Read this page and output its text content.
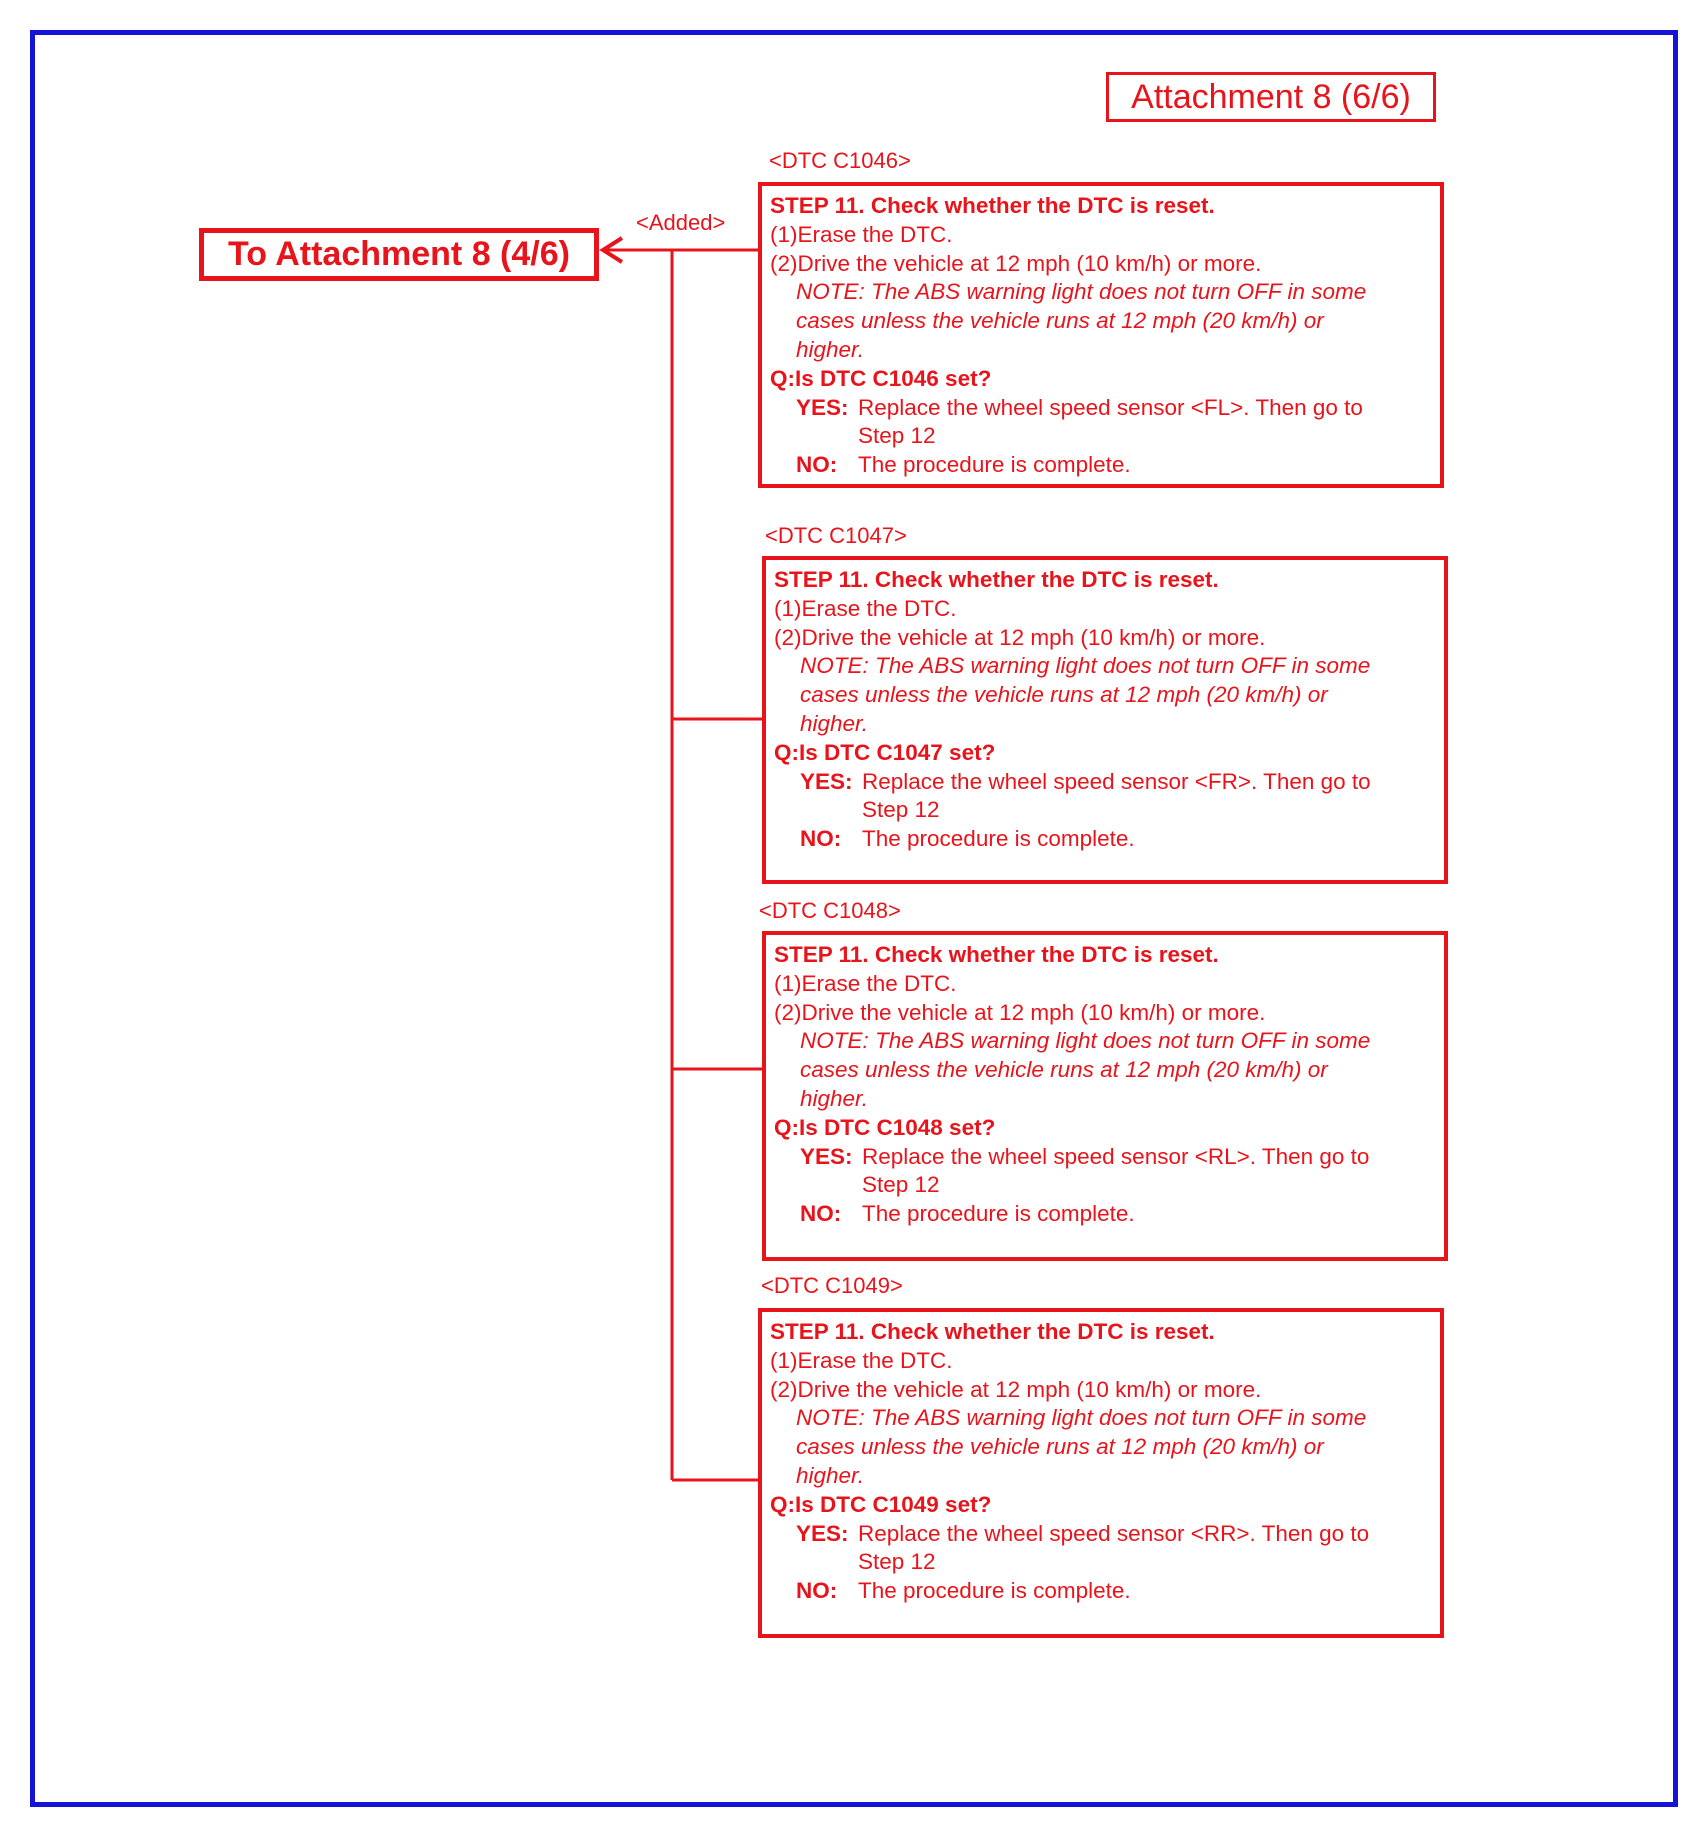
Attachment 8 (6/6)
To Attachment 8 (4/6)
<Added>
<DTC C1046>
STEP 11. Check whether the DTC is reset.
(1)Erase the DTC.
(2)Drive the vehicle at 12 mph (10 km/h) or more.
NOTE: The ABS warning light does not turn OFF in some
cases unless the vehicle runs at 12 mph (20 km/h) or
higher.
Q:Is DTC C1046 set?
YES: Replace the wheel speed sensor <FL>. Then go to
Step 12
NO: The procedure is complete.
<DTC C1047>
STEP 11. Check whether the DTC is reset.
(1)Erase the DTC.
(2)Drive the vehicle at 12 mph (10 km/h) or more.
NOTE: The ABS warning light does not turn OFF in some
cases unless the vehicle runs at 12 mph (20 km/h) or
higher.
Q:Is DTC C1047 set?
YES: Replace the wheel speed sensor <FR>. Then go to
Step 12
NO: The procedure is complete.
<DTC C1048>
STEP 11. Check whether the DTC is reset.
(1)Erase the DTC.
(2)Drive the vehicle at 12 mph (10 km/h) or more.
NOTE: The ABS warning light does not turn OFF in some
cases unless the vehicle runs at 12 mph (20 km/h) or
higher.
Q:Is DTC C1048 set?
YES: Replace the wheel speed sensor <RL>. Then go to
Step 12
NO: The procedure is complete.
<DTC C1049>
STEP 11. Check whether the DTC is reset.
(1)Erase the DTC.
(2)Drive the vehicle at 12 mph (10 km/h) or more.
NOTE: The ABS warning light does not turn OFF in some
cases unless the vehicle runs at 12 mph (20 km/h) or
higher.
Q:Is DTC C1049 set?
YES: Replace the wheel speed sensor <RR>. Then go to
Step 12
NO: The procedure is complete.
